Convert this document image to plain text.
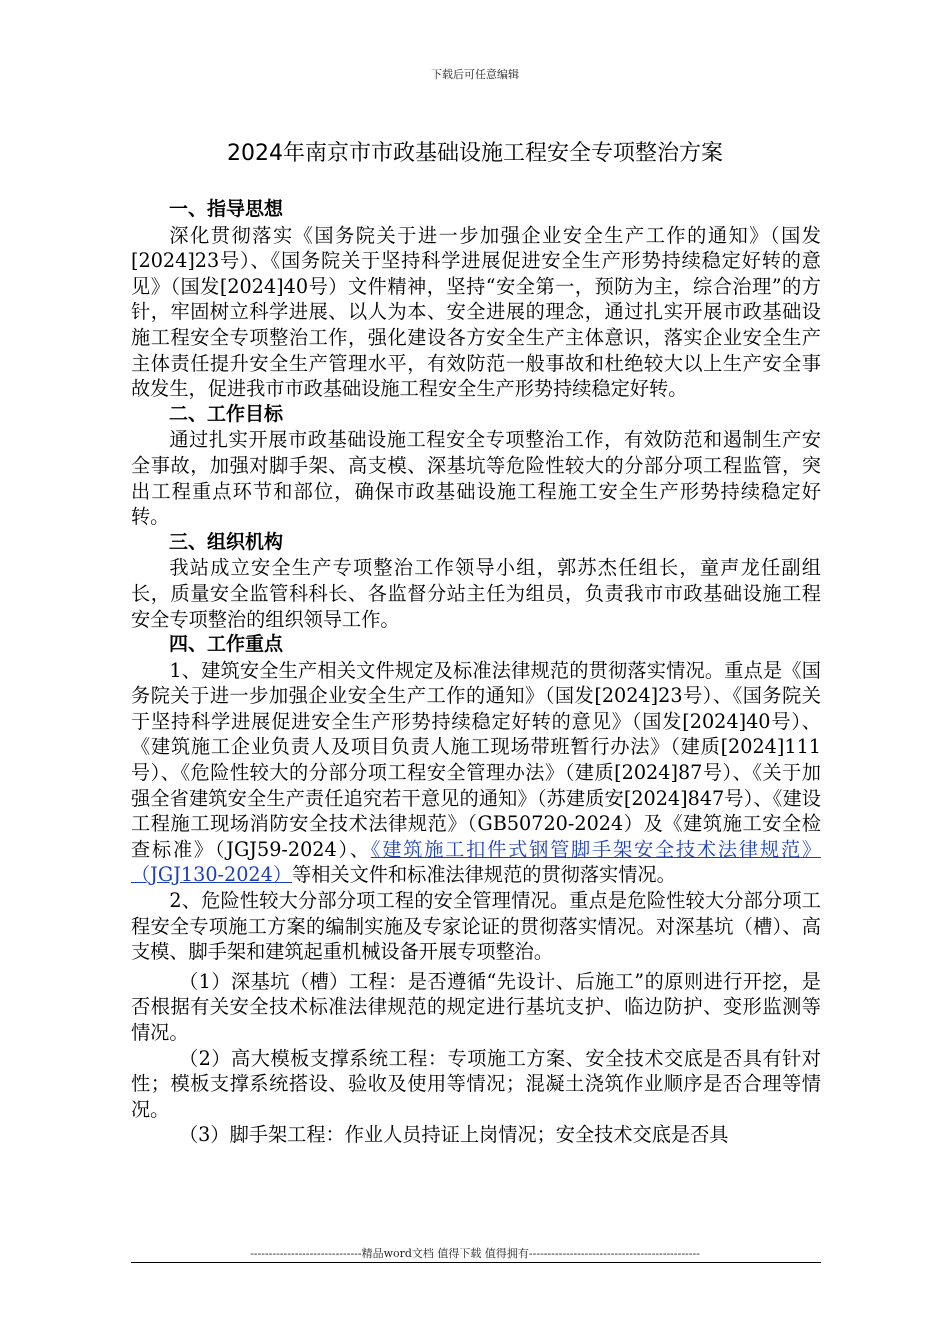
下载后可任意编辑
2024年南京市市政基础设施工程安全专项整治方案

一、指导思想

深化贯彻落实《国务院关于进一步加强企业安全生产工作的通知》（国发[2024]23号）、《国务院关于坚持科学进展促进安全生产形势持续稳定好转的意见》（国发[2024]40号）文件精神，坚持“安全第一，预防为主，综合治理”的方针，牢固树立科学进展、以人为本、安全进展的理念，通过扎实开展市政基础设施工程安全专项整治工作，强化建设各方安全生产主体意识，落实企业安全生产主体责任提升安全生产管理水平，有效防范一般事故和杜绝较大以上生产安全事故发生，促进我市市政基础设施工程安全生产形势持续稳定好转。

二、工作目标

通过扎实开展市政基础设施工程安全专项整治工作，有效防范和遏制生产安全事故，加强对脚手架、高支模、深基坑等危险性较大的分部分项工程监管，突出工程重点环节和部位，确保市政基础设施工程施工安全生产形势持续稳定好转。

三、组织机构

我站成立安全生产专项整治工作领导小组，郭苏杰任组长，童声龙任副组长，质量安全监管科科长、各监督分站主任为组员，负责我市市政基础设施工程安全专项整治的组织领导工作。

四、工作重点

1、建筑安全生产相关文件规定及标准法律规范的贯彻落实情况。重点是《国务院关于进一步加强企业安全生产工作的通知》（国发[2024]23号）、《国务院关于坚持科学进展促进安全生产形势持续稳定好转的意见》（国发[2024]40号）、《建筑施工企业负责人及项目负责人施工现场带班暂行办法》（建质[2024]111号）、《危险性较大的分部分项工程安全管理办法》（建质[2024]87号）、《关于加强全省建筑安全生产责任追究若干意见的通知》（苏建质安[2024]847号）、《建设工程施工现场消防安全技术法律规范》（GB50720-2024）及《建筑施工安全检查标准》（JGJ59-2024）、《建筑施工扣件式钢管脚手架安全技术法律规范》（JGJ130-2024）等相关文件和标准法律规范的贯彻落实情况。

2、危险性较大分部分项工程的安全管理情况。重点是危险性较大分部分项工程安全专项施工方案的编制实施及专家论证的贯彻落实情况。对深基坑（槽）、高支模、脚手架和建筑起重机械设备开展专项整治。

（1）深基坑（槽）工程：是否遵循“先设计、后施工”的原则进行开挖，是否根据有关安全技术标准法律规范的规定进行基坑支护、临边防护、变形监测等情况。

（2）高大模板支撑系统工程：专项施工方案、安全技术交底是否具有针对性；模板支撑系统搭设、验收及使用等情况；混凝土浇筑作业顺序是否合理等情况。

（3）脚手架工程：作业人员持证上岗情况；安全技术交底是否具

------------------------------精品word文档 值得下载 值得拥有----------------------------------------------
